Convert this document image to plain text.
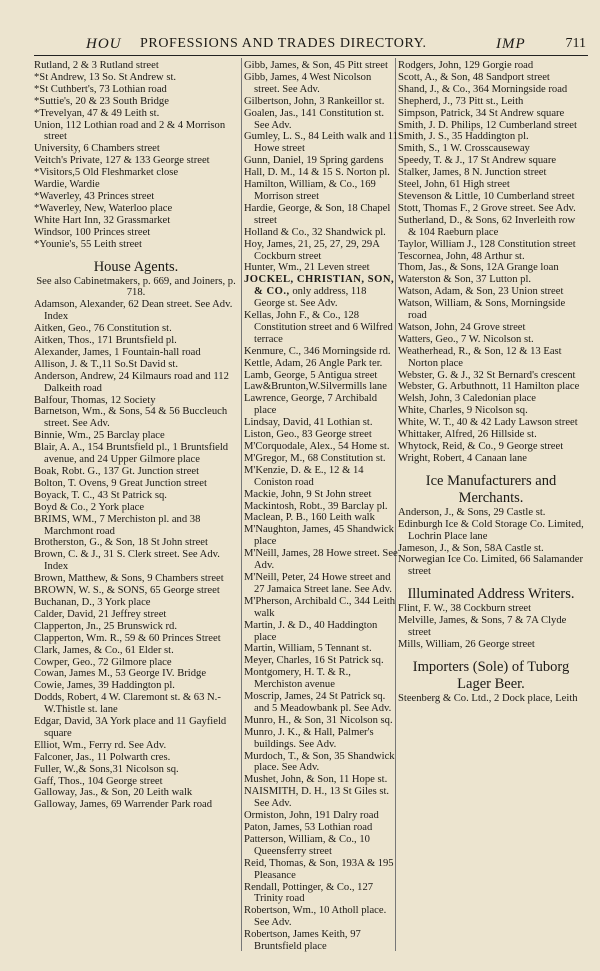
HOU PROFESSIONS AND TRADES DIRECTORY.	IMP	711
Rutland, 2 & 3 Rutland street
*St Andrew, 13 So. St Andrew st.
*St Cuthbert's, 73 Lothian road
*Suttie's, 20 & 23 South Bridge
*Trevelyan, 47 & 49 Leith st.
Union, 112 Lothian road and 2 & 4 Morrison street
University, 6 Chambers street
Veitch's Private, 127 & 133 George street
*Visitors,5 Old Fleshmarket close
Wardie, Wardie
*Waverley, 43 Princes street
*Waverley, New, Waterloo place
White Hart Inn, 32 Grassmarket
Windsor, 100 Princes street
*Younie's, 55 Leith street
House Agents.
See also Cabinetmakers, p. 669, and Joiners, p. 718.
Adamson, Alexander, 62 Dean street. See Adv. Index
Aitken, Geo., 76 Constitution st.
Aitken, Thos., 171 Bruntsfield pl.
Alexander, James, 1 Fountain-hall road
Allison, J. & T.,11 So.St David st.
Anderson, Andrew, 24 Kilmaurs road and 112 Dalkeith road
Balfour, Thomas, 12 Society
Barnetson, Wm., & Sons, 54 & 56 Buccleuch street. See Adv.
Binnie, Wm., 25 Barclay place
Blair, A. A., 154 Bruntsfield pl., 1 Bruntsfield avenue, and 24 Upper Gilmore place
Boak, Robt. G., 137 Gt. Junction street
Bolton, T. Ovens, 9 Great Junction street
Boyack, T. C., 43 St Patrick sq.
Boyd & Co., 2 York place
BRIMS, WM., 7 Merchiston pl. and 38 Marchmont road
Brotherston, G., & Son, 18 St John street
Brown, C. & J., 31 S. Clerk street. See Adv. Index
Brown, Matthew, & Sons, 9 Chambers street
BROWN, W. S., & SONS, 65 George street
Buchanan, D., 3 York place
Calder, David, 21 Jeffrey street
Clapperton, Jn., 25 Brunswick rd.
Clapperton, Wm. R., 59 & 60 Princes Street
Clark, James, & Co., 61 Elder st.
Cowper, Geo., 72 Gilmore place
Cowan, James M., 53 George IV. Bridge
Cowie, James, 39 Haddington pl.
Dodds, Robert, 4 W. Claremont st. & 63 N.-W.Thistle st. lane
Edgar, David, 3A York place and 11 Gayfield square
Elliot, Wm., Ferry rd. See Adv.
Falconer, Jas., 11 Polwarth cres.
Fuller, W.,& Sons,31 Nicolson sq.
Gaff, Thos., 104 George street
Galloway, Jas., & Son, 20 Leith walk
Galloway, James, 69 Warrender Park road
Gibb, James, & Son, 45 Pitt street
Gibb, James, 4 West Nicolson street. See Adv.
Gilbertson, John, 3 Rankeillor st.
Goalen, Jas., 141 Constitution st. See Adv.
Gumley, L. S., 84 Leith walk and 11 Howe street
Gunn, Daniel, 19 Spring gardens
Hall, D. M., 14 & 15 S. Norton pl.
Hamilton, William, & Co., 169 Morrison street
Hardie, George, & Son, 18 Chapel street
Holland & Co., 32 Shandwick pl.
Hoy, James, 21, 25, 27, 29, 29A Cockburn street
Hunter, Wm., 21 Leven street
JOCKEL, CHRISTIAN, SON, & CO., only address, 118 George st. See Adv.
Kellas, John F., & Co., 128 Constitution street and 6 Wilfred terrace
Kenmure, C., 346 Morningside rd.
Kettle, Adam, 26 Angle Park ter.
Lamb, George, 5 Antigua street
Law&Brunton,W.Silvermills lane
Lawrence, George, 7 Archibald place
Lindsay, David, 41 Lothian st.
Liston, Geo., 83 George street
M'Corquodale, Alex., 54 Home st.
M'Gregor, M., 68 Constitution st.
M'Kenzie, D. & E., 12 & 14 Coniston road
Mackie, John, 9 St John street
Mackintosh, Robt., 39 Barclay pl.
Maclean, P. B., 160 Leith walk
M'Naughton, James, 45 Shandwick place
M'Neill, James, 28 Howe street. See Adv.
M'Neill, Peter, 24 Howe street and 27 Jamaica Street lane. See Adv.
M'Pherson, Archibald C., 344 Leith walk
Martin, J. & D., 40 Haddington place
Martin, William, 5 Tennant st.
Meyer, Charles, 16 St Patrick sq.
Montgomery, H. T. & R., Merchiston avenue
Moscrip, James, 24 St Patrick sq. and 5 Meadowbank pl. See Adv.
Munro, H., & Son, 31 Nicolson sq.
Munro, J. K., & Hall, Palmer's buildings. See Adv.
Murdoch, T., & Son, 35 Shandwick place. See Adv.
Mushet, John, & Son, 11 Hope st.
NAISMITH, D. H., 13 St Giles st. See Adv.
Ormiston, John, 191 Dalry road
Paton, James, 53 Lothian road
Patterson, William, & Co., 10 Queensferry street
Reid, Thomas, & Son, 193A & 195 Pleasance
Rendall, Pottinger, & Co., 127 Trinity road
Robertson, Wm., 10 Atholl place. See Adv.
Robertson, James Keith, 97 Bruntsfield place
Rodgers, John, 129 Gorgie road
Scott, A., & Son, 48 Sandport street
Shand, J., & Co., 364 Morningside road
Shepherd, J., 73 Pitt st., Leith
Simpson, Patrick, 34 St Andrew square
Smith, J. D. Philips, 12 Cumberland street
Smith, J. S., 35 Haddington pl.
Smith, S., 1 W. Crosscauseway
Speedy, T. & J., 17 St Andrew square
Stalker, James, 8 N. Junction street
Steel, John, 61 High street
Stevenson & Little, 10 Cumberland street
Stott, Thomas F., 2 Grove street. See Adv.
Sutherland, D., & Sons, 62 Inverleith row & 104 Raeburn place
Taylor, William J., 128 Constitution street
Tescornea, John, 48 Arthur st.
Thom, Jas., & Sons, 12A Grange loan
Waterston & Son, 37 Lutton pl.
Watson, Adam, & Son, 23 Union street
Watson, William, & Sons, Morningside road
Watson, John, 24 Grove street
Watters, Geo., 7 W. Nicolson st.
Weatherhead, R., & Son, 12 & 13 East Norton place
Webster, G. & J., 32 St Bernard's crescent
Webster, G. Arbuthnott, 11 Hamilton place
Welsh, John, 3 Caledonian place
White, Charles, 9 Nicolson sq.
White, W. T., 40 & 42 Lady Lawson street
Whittaker, Alfred, 26 Hillside st.
Whytock, Reid, & Co., 9 George street
Wright, Robert, 4 Canaan lane
Ice Manufacturers and Merchants.
Anderson, J., & Sons, 29 Castle st.
Edinburgh Ice & Cold Storage Co. Limited, Lochrin Place lane
Jameson, J., & Son, 58A Castle st.
Norwegian Ice Co. Limited, 66 Salamander street
Illuminated Address Writers.
Flint, F. W., 38 Cockburn street
Melville, James, & Sons, 7 & 7A Clyde street
Mills, William, 26 George street
Importers (Sole) of Tuborg Lager Beer.
Steenberg & Co. Ltd., 2 Dock place, Leith
